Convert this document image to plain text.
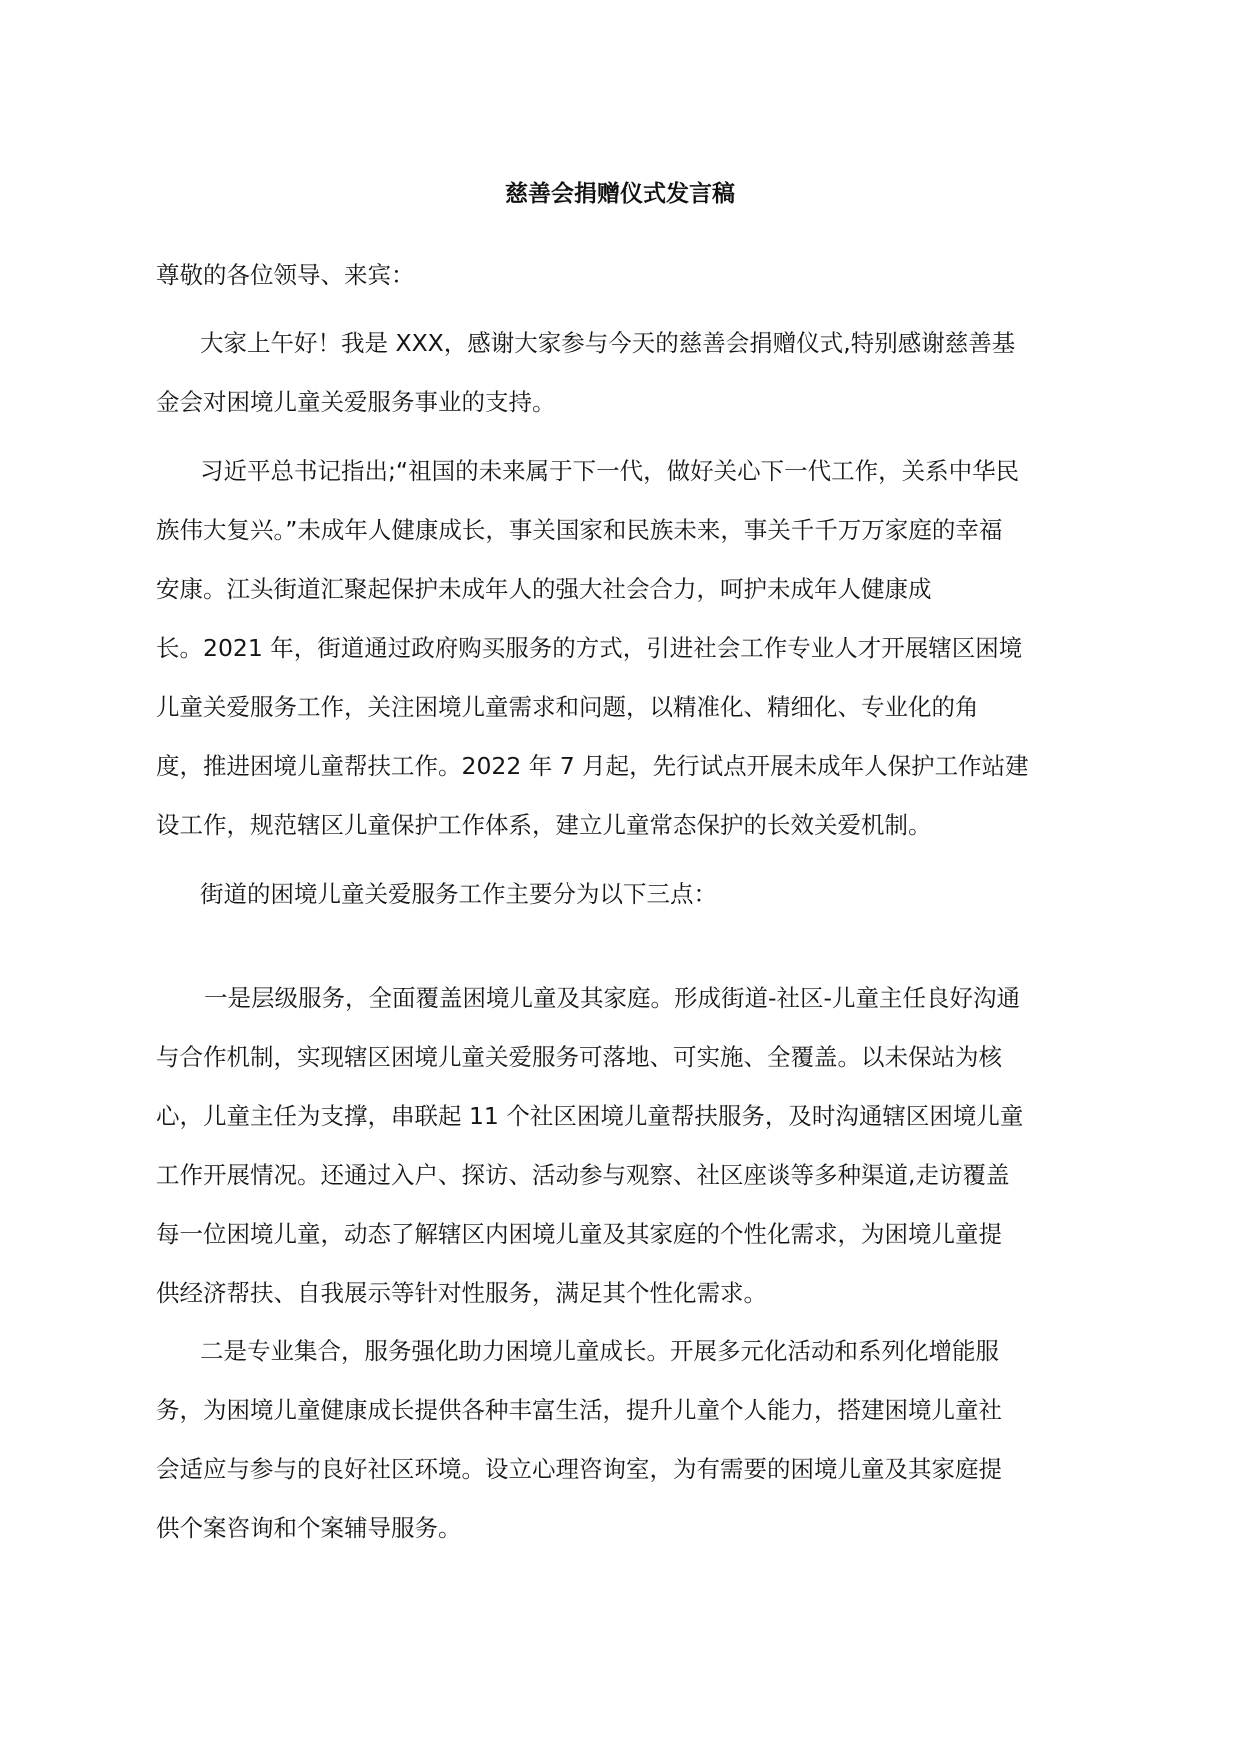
慈善会捐赠仪式发言稿

尊敬的各位领导、来宾：

大家上午好！我是 XXX，感谢大家参与今天的慈善会捐赠仪式,特别感谢慈善基

金会对困境儿童关爱服务事业的支持。

习近平总书记指出;“祖国的未来属于下一代，做好关心下一代工作，关系中华民

族伟大复兴。”未成年人健康成长，事关国家和民族未来，事关千千万万家庭的幸福

安康。江头街道汇聚起保护未成年人的强大社会合力，呵护未成年人健康成

长。2021 年，街道通过政府购买服务的方式，引进社会工作专业人才开展辖区困境

儿童关爱服务工作，关注困境儿童需求和问题，以精准化、精细化、专业化的角

度，推进困境儿童帮扶工作。2022 年 7 月起，先行试点开展未成年人保护工作站建

设工作，规范辖区儿童保护工作体系，建立儿童常态保护的长效关爱机制。

街道的困境儿童关爱服务工作主要分为以下三点：

一是层级服务，全面覆盖困境儿童及其家庭。形成街道-社区-儿童主任良好沟通

与合作机制，实现辖区困境儿童关爱服务可落地、可实施、全覆盖。以未保站为核

心，儿童主任为支撑，串联起 11 个社区困境儿童帮扶服务，及时沟通辖区困境儿童

工作开展情况。还通过入户、探访、活动参与观察、社区座谈等多种渠道,走访覆盖

每一位困境儿童，动态了解辖区内困境儿童及其家庭的个性化需求，为困境儿童提

供经济帮扶、自我展示等针对性服务，满足其个性化需求。

二是专业集合，服务强化助力困境儿童成长。开展多元化活动和系列化增能服

务，为困境儿童健康成长提供各种丰富生活，提升儿童个人能力，搭建困境儿童社

会适应与参与的良好社区环境。设立心理咨询室，为有需要的困境儿童及其家庭提

供个案咨询和个案辅导服务。
